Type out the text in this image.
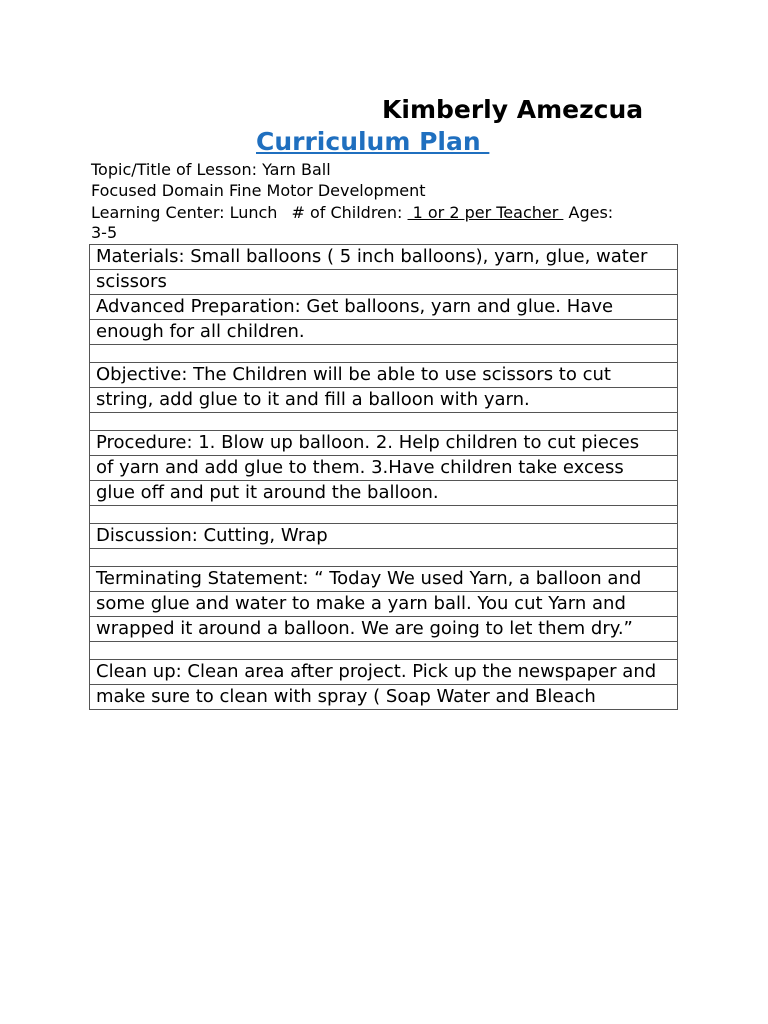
Kimberly Amezcua
Curriculum Plan
Topic/Title of Lesson: Yarn Ball
Focused Domain Fine Motor Development
Learning Center: Lunch # of Children:  1 or 2 per Teacher  Ages:
3-5
Materials: Small balloons ( 5 inch balloons), yarn, glue, water
scissors
Advanced Preparation: Get balloons, yarn and glue. Have
enough for all children.

Objective: The Children will be able to use scissors to cut
string, add glue to it and fill a balloon with yarn.

Procedure: 1. Blow up balloon. 2. Help children to cut pieces
of yarn and add glue to them. 3.Have children take excess
glue off and put it around the balloon.

Discussion: Cutting, Wrap

Terminating Statement: “ Today We used Yarn, a balloon and
some glue and water to make a yarn ball. You cut Yarn and
wrapped it around a balloon. We are going to let them dry.”

Clean up: Clean area after project. Pick up the newspaper and
make sure to clean with spray ( Soap Water and Bleach
